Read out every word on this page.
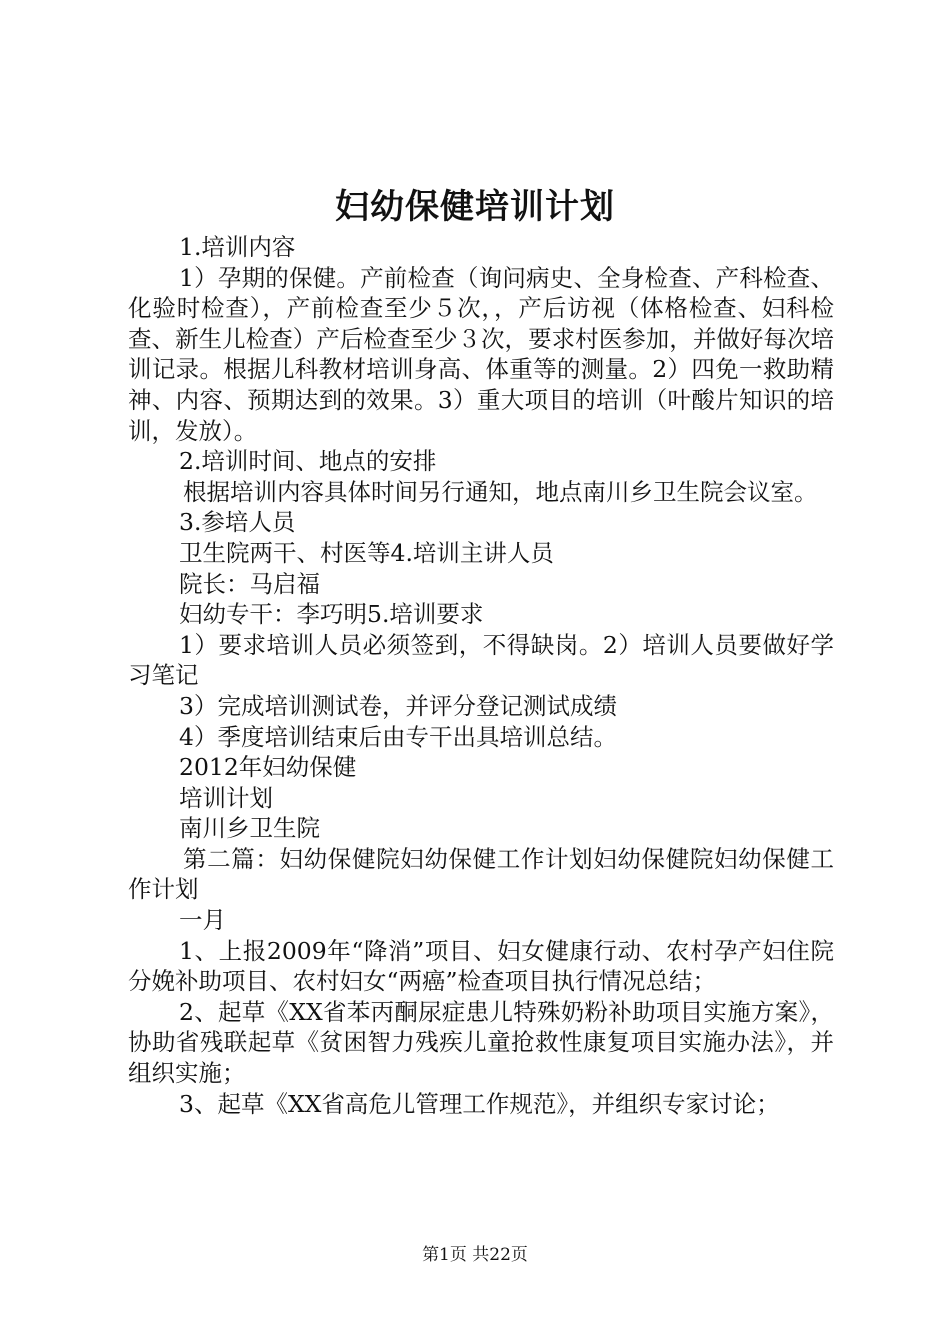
妇幼保健培训计划

1.培训内容

1）孕期的保健。产前检查（询问病史、全身检查、产科检查、化验时检查），产前检查至少５次，，产后访视（体格检查、妇科检查、新生儿检查）产后检查至少３次，要求村医参加，并做好每次培训记录。根据儿科教材培训身高、体重等的测量。2）四免一救助精神、内容、预期达到的效果。3）重大项目的培训（叶酸片知识的培训，发放）。

2.培训时间、地点的安排

根据培训内容具体时间另行通知，地点南川乡卫生院会议室。

3.参培人员

卫生院两干、村医等4.培训主讲人员

院长：马启福

妇幼专干：李巧明5.培训要求

1）要求培训人员必须签到，不得缺岗。2）培训人员要做好学习笔记

3）完成培训测试卷，并评分登记测试成绩

4）季度培训结束后由专干出具培训总结。

2012年妇幼保健

培训计划

南川乡卫生院

第二篇：妇幼保健院妇幼保健工作计划妇幼保健院妇幼保健工作计划

一月

1、上报2009年“降消”项目、妇女健康行动、农村孕产妇住院分娩补助项目、农村妇女“两癌”检查项目执行情况总结；

2、起草《XX省苯丙酮尿症患儿特殊奶粉补助项目实施方案》，协助省残联起草《贫困智力残疾儿童抢救性康复项目实施办法》，并组织实施；

3、起草《XX省高危儿管理工作规范》，并组织专家讨论；

第1页 共22页
